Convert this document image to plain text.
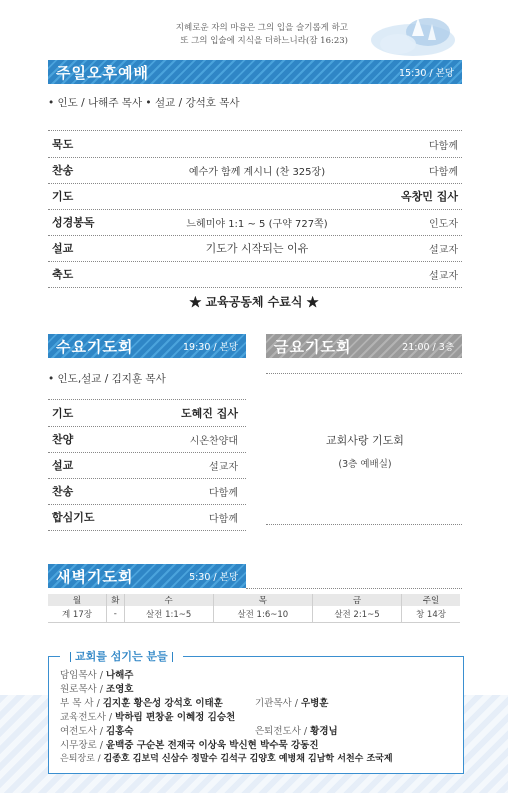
지혜로운 자의 마음은 그의 입을 슬기롭게 하고
또 그의 입술에 지식을 더하느니라(잠 16:23)
주일오후예배	15:30 / 본당
• 인도 / 나해주 목사 • 설교 / 강석호 목사
묵도	다함께
찬송	예수가 함께 계시니 (찬 325장)	다함께
기도	옥창민 집사
성경봉독	느헤미야 1:1 ~ 5 (구약 727쪽)	인도자
설교	기도가 시작되는 이유	설교자
축도	설교자
★ 교육공동체 수료식 ★
수요기도회	19:30 / 본당
• 인도,설교 / 김지훈 목사
기도	도혜진 집사
찬양	시온찬양대
설교	설교자
찬송	다함께
합심기도	다함께
금요기도회	21:00 / 3층
교회사랑 기도회
(3층 예배실)
새벽기도회	5:30 / 본당
월	화	수	목	금	주일
계 17장	-	살전 1:1~5	살전 1:6~10	살전 2:1~5	창 14장
교회를 섬기는 분들
담임목사 / 나해주
원로목사 / 조영호
부 목 사 / 김지훈 황은성 강석호 이태훈	기관목사 / 우병훈
교육전도사 / 박하림 편창윤 이혜정 김승천
여전도사 / 김홍숙	은퇴전도사 / 황경님
시무장로 / 윤백중 구순본 전재국 이상욱 박신현 박수묵 강동진
은퇴장로 / 김종호 김보덕 신삼수 정말수 김석구 김양호 예병채 김남학 서천수 조국제
